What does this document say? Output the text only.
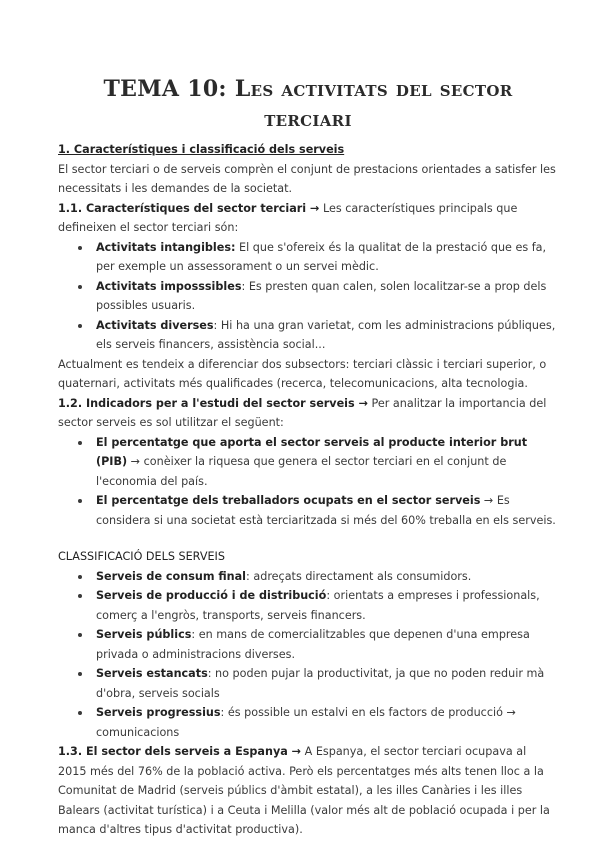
TEMA 10: Les activitats del sector terciari

1. Característiques i classificació dels serveis

El sector terciari o de serveis comprèn el conjunt de prestacions orientades a satisfer les necessitats i les demandes de la societat.

1.1. Característiques del sector terciari → Les característiques principals que defineixen el sector terciari són:

• Activitats intangibles: El que s'ofereix és la qualitat de la prestació que es fa, per exemple un assessorament o un servei mèdic.
• Activitats imposssibles: Es presten quan calen, solen localitzar-se a prop dels possibles usuaris.
• Activitats diverses: Hi ha una gran varietat, com les administracions públiques, els serveis financers, assistència social...

Actualment es tendeix a diferenciar dos subsectors: terciari clàssic i terciari superior, o quaternari, activitats més qualificades (recerca, telecomunicacions, alta tecnologia.

1.2. Indicadors per a l'estudi del sector serveis → Per analitzar la importancia del sector serveis es sol utilitzar el següent:

• El percentatge que aporta el sector serveis al producte interior brut (PIB) → conèixer la riquesa que genera el sector terciari en el conjunt de l'economia del país.
• El percentatge dels treballadors ocupats en el sector serveis → Es considera si una societat està terciaritzada si més del 60% treballa en els serveis.

CLASSIFICACIÓ DELS SERVEIS

• Serveis de consum final: adreçats directament als consumidors.
• Serveis de producció i de distribució: orientats a empreses i professionals, comerç a l'engròs, transports, serveis financers.
• Serveis públics: en mans de comercialitzables que depenen d'una empresa privada o administracions diverses.
• Serveis estancats: no poden pujar la productivitat, ja que no poden reduir mà d'obra, serveis socials
• Serveis progressius: és possible un estalvi en els factors de producció → comunicacions

1.3. El sector dels serveis a Espanya → A Espanya, el sector terciari ocupava al 2015 més del 76% de la població activa. Però els percentatges més alts tenen lloc a la Comunitat de Madrid (serveis públics d'àmbit estatal), a les illes Canàries i les illes Balears (activitat turística) i a Ceuta i Melilla (valor més alt de població ocupada i per la manca d'altres tipus d'activitat productiva).
